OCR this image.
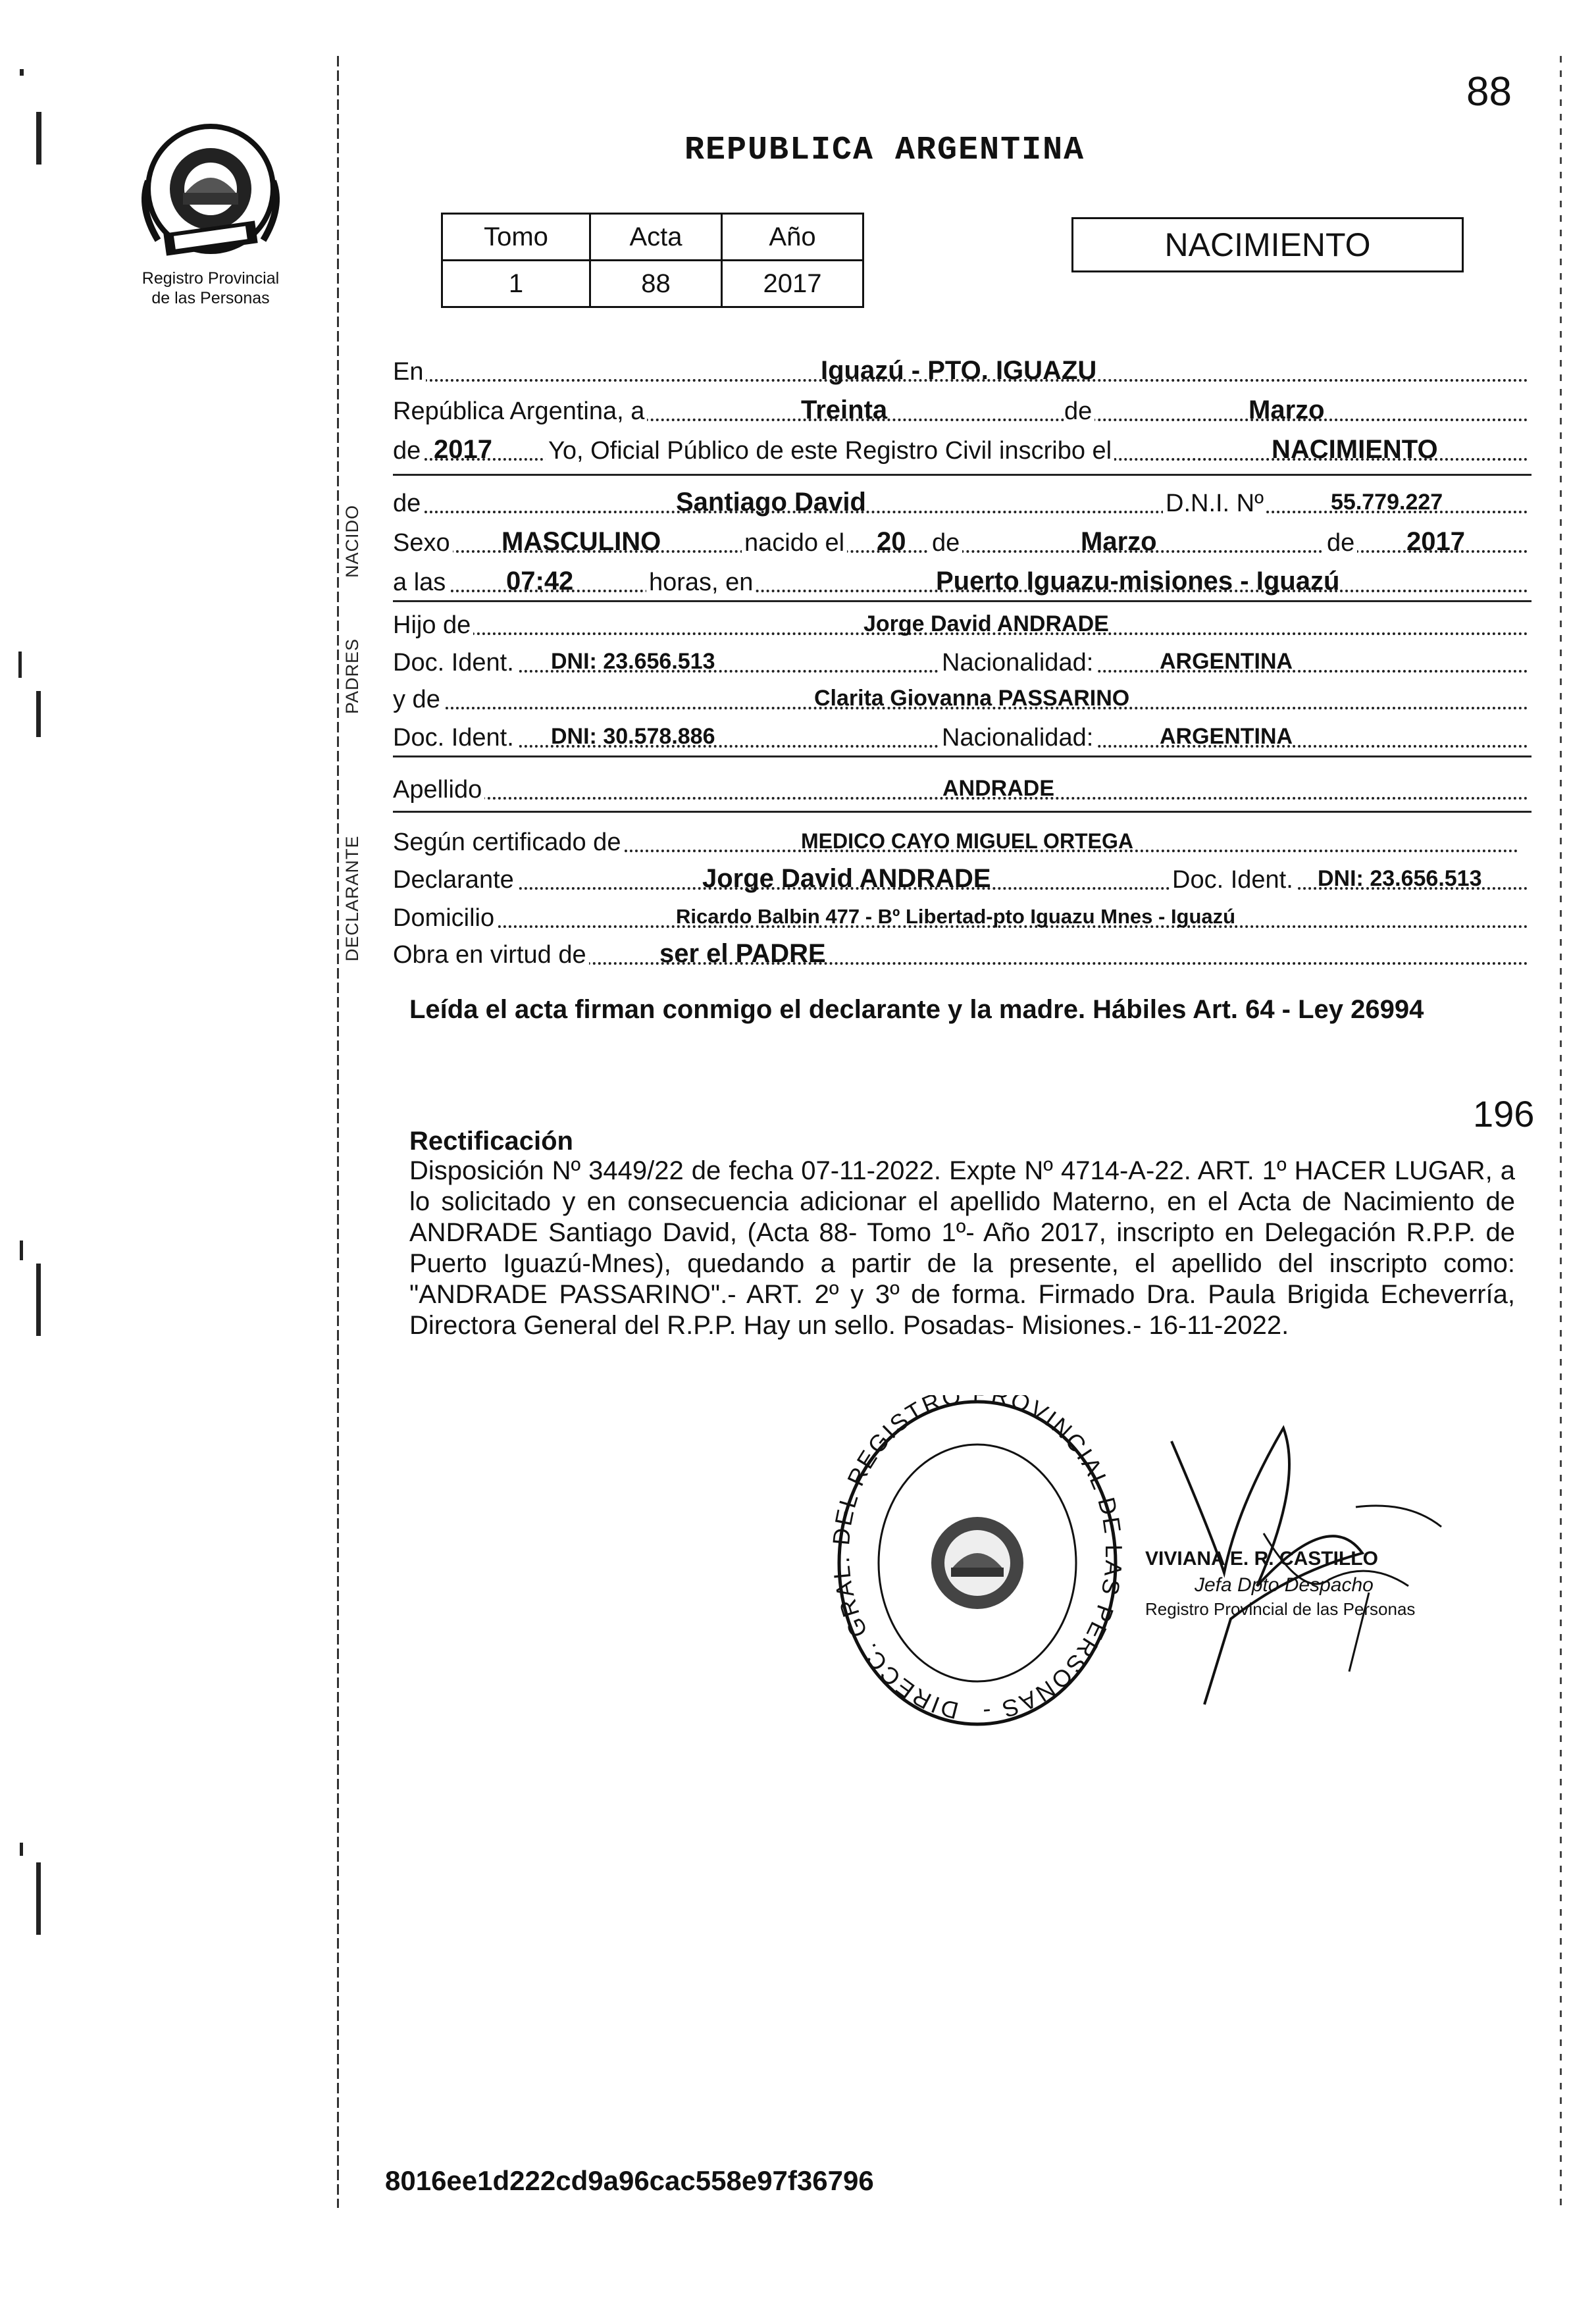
88
Registro Provincial
de las Personas
REPUBLICA ARGENTINA
Tomo	Acta	Año
1	88	2017
NACIMIENTO
En	Iguazú - PTO. IGUAZU
República Argentina, a	Treinta	de	Marzo
de 2017 Yo, Oficial Público de este Registro Civil inscribo el	NACIMIENTO
NACIDO
de	Santiago David	D.N.I. Nº	55.779.227
Sexo MASCULINO	nacido el 20 de	Marzo	de 2017
a las 07:42	horas, en	Puerto Iguazu-misiones - Iguazú
PADRES
Hijo de	Jorge David ANDRADE
Doc. Ident. DNI: 23.656.513	Nacionalidad:	ARGENTINA
y de	Clarita Giovanna PASSARINO
Doc. Ident. DNI: 30.578.886	Nacionalidad:	ARGENTINA
Apellido	ANDRADE
DECLARANTE Según certificado de	MEDICO CAYO MIGUEL ORTEGA
Declarante	Jorge David ANDRADE	Doc. Ident. DNI: 23.656.513
Domicilio	Ricardo Balbin 477 - Bº Libertad-pto Iguazu Mnes - Iguazú
Obra en virtud de	ser el PADRE
Leída el acta firman conmigo el declarante y la madre. Hábiles Art. 64 - Ley 26994
196
Rectificación
Disposición Nº 3449/22 de fecha 07-11-2022. Expte Nº 4714-A-22. ART. 1º HACER LUGAR, a lo solicitado y en consecuencia adicionar el apellido Materno, en el Acta de Nacimiento de ANDRADE Santiago David, (Acta 88- Tomo 1º- Año 2017, inscripto en Delegación R.P.P. de Puerto Iguazú-Mnes), quedando a partir de la presente, el apellido del inscripto como: "ANDRADE PASSARINO".- ART. 2º y 3º de forma. Firmado Dra. Paula Brigida Echeverría, Directora General del R.P.P. Hay un sello. Posadas- Misiones.- 16-11-2022.
DIRECC. GRAL. DEL REGISTRO ROVINCIAL DE LAS PERSONAS -
VIVIANA E. R. CASTILLO
Jefa Dpto Despacho
Registro Provincial de las Personas
8016ee1d222cd9a96cac558e97f36796
